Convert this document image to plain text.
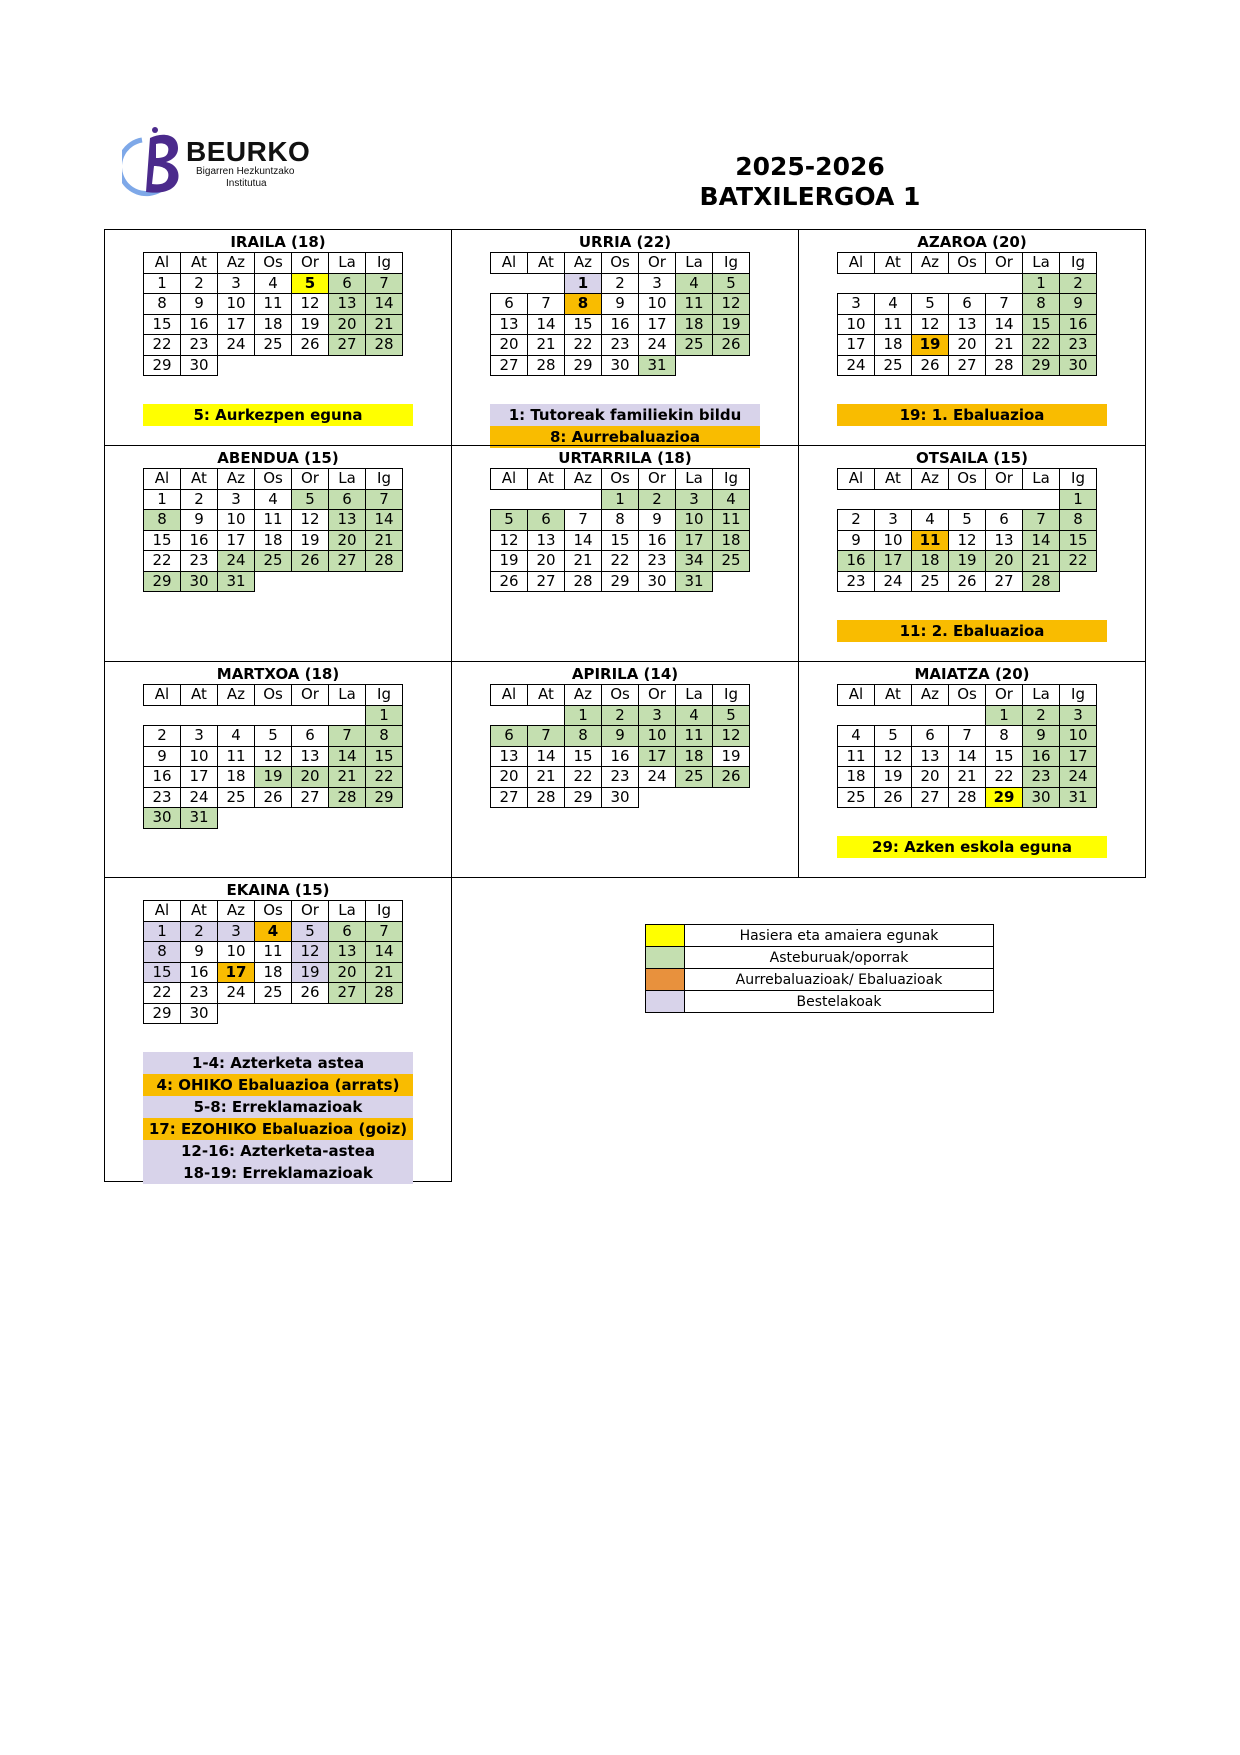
BEURKO
Bigarren Hezkuntzako
Institutua
2025-2026
BATXILERGOA 1
IRAILA (18)
Al	At	Az	Os	Or	La	Ig
1	2	3	4	5	6	7
8	9	10	11	12	13	14
15	16	17	18	19	20	21
22	23	24	25	26	27	28
29	30					
5: Aurkezpen eguna
URRIA (22)
Al	At	Az	Os	Or	La	Ig
		1	2	3	4	5
6	7	8	9	10	11	12
13	14	15	16	17	18	19
20	21	22	23	24	25	26
27	28	29	30	31		
1: Tutoreak familiekin bildu
8: Aurrebaluazioa
AZAROA (20)
Al	At	Az	Os	Or	La	Ig
					1	2
3	4	5	6	7	8	9
10	11	12	13	14	15	16
17	18	19	20	21	22	23
24	25	26	27	28	29	30
19: 1. Ebaluazioa
ABENDUA (15)
Al	At	Az	Os	Or	La	Ig
1	2	3	4	5	6	7
8	9	10	11	12	13	14
15	16	17	18	19	20	21
22	23	24	25	26	27	28
29	30	31				
URTARRILA (18)
Al	At	Az	Os	Or	La	Ig
			1	2	3	4
5	6	7	8	9	10	11
12	13	14	15	16	17	18
19	20	21	22	23	34	25
26	27	28	29	30	31	
OTSAILA (15)
Al	At	Az	Os	Or	La	Ig
						1
2	3	4	5	6	7	8
9	10	11	12	13	14	15
16	17	18	19	20	21	22
23	24	25	26	27	28	
11: 2. Ebaluazioa
MARTXOA (18)
Al	At	Az	Os	Or	La	Ig
						1
2	3	4	5	6	7	8
9	10	11	12	13	14	15
16	17	18	19	20	21	22
23	24	25	26	27	28	29
30	31					
APIRILA (14)
Al	At	Az	Os	Or	La	Ig
		1	2	3	4	5
6	7	8	9	10	11	12
13	14	15	16	17	18	19
20	21	22	23	24	25	26
27	28	29	30			
MAIATZA (20)
Al	At	Az	Os	Or	La	Ig
				1	2	3
4	5	6	7	8	9	10
11	12	13	14	15	16	17
18	19	20	21	22	23	24
25	26	27	28	29	30	31
29: Azken eskola eguna
EKAINA (15)
Al	At	Az	Os	Or	La	Ig
1	2	3	4	5	6	7
8	9	10	11	12	13	14
15	16	17	18	19	20	21
22	23	24	25	26	27	28
29	30					
1-4: Azterketa astea
4: OHIKO Ebaluazioa (arrats)
5-8: Erreklamazioak
17: EZOHIKO Ebaluazioa (goiz)
12-16: Azterketa-astea
18-19: Erreklamazioak
	Hasiera eta amaiera egunak
	Asteburuak/oporrak
	Aurrebaluazioak/ Ebaluazioak
	Bestelakoak
